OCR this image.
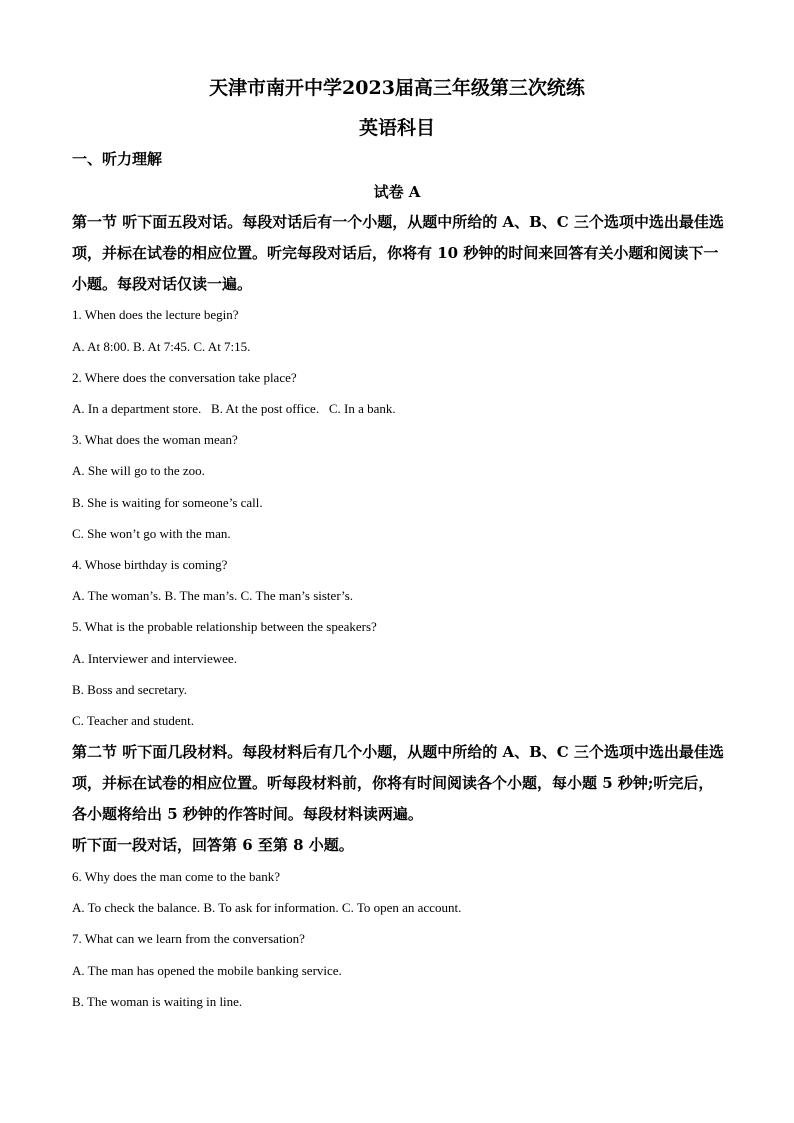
天津市南开中学2023届高三年级第三次统练
英语科目
一、听力理解
试卷 A

第一节 听下面五段对话。每段对话后有一个小题，从题中所给的 A、B、C 三个选项中选出最佳选项，并标在试卷的相应位置。听完每段对话后，你将有 10 秒钟的时间来回答有关小题和阅读下一小题。每段对话仅读一遍。

1. When does the lecture begin?
A. At 8:00. B. At 7:45. C. At 7:15.
2. Where does the conversation take place?
A. In a department store.   B. At the post office.   C. In a bank.
3. What does the woman mean?
A. She will go to the zoo.
B. She is waiting for someone’s call.
C. She won’t go with the man.
4. Whose birthday is coming?
A. The woman’s. B. The man’s. C. The man’s sister’s.
5. What is the probable relationship between the speakers?
A. Interviewer and interviewee.
B. Boss and secretary.
C. Teacher and student.

第二节 听下面几段材料。每段材料后有几个小题，从题中所给的 A、B、C 三个选项中选出最佳选项，并标在试卷的相应位置。听每段材料前，你将有时间阅读各个小题，每小题 5 秒钟;听完后，各小题将给出 5 秒钟的作答时间。每段材料读两遍。

听下面一段对话，回答第 6 至第 8 小题。

6. Why does the man come to the bank?
A. To check the balance. B. To ask for information. C. To open an account.
7. What can we learn from the conversation?
A. The man has opened the mobile banking service.
B. The woman is waiting in line.
